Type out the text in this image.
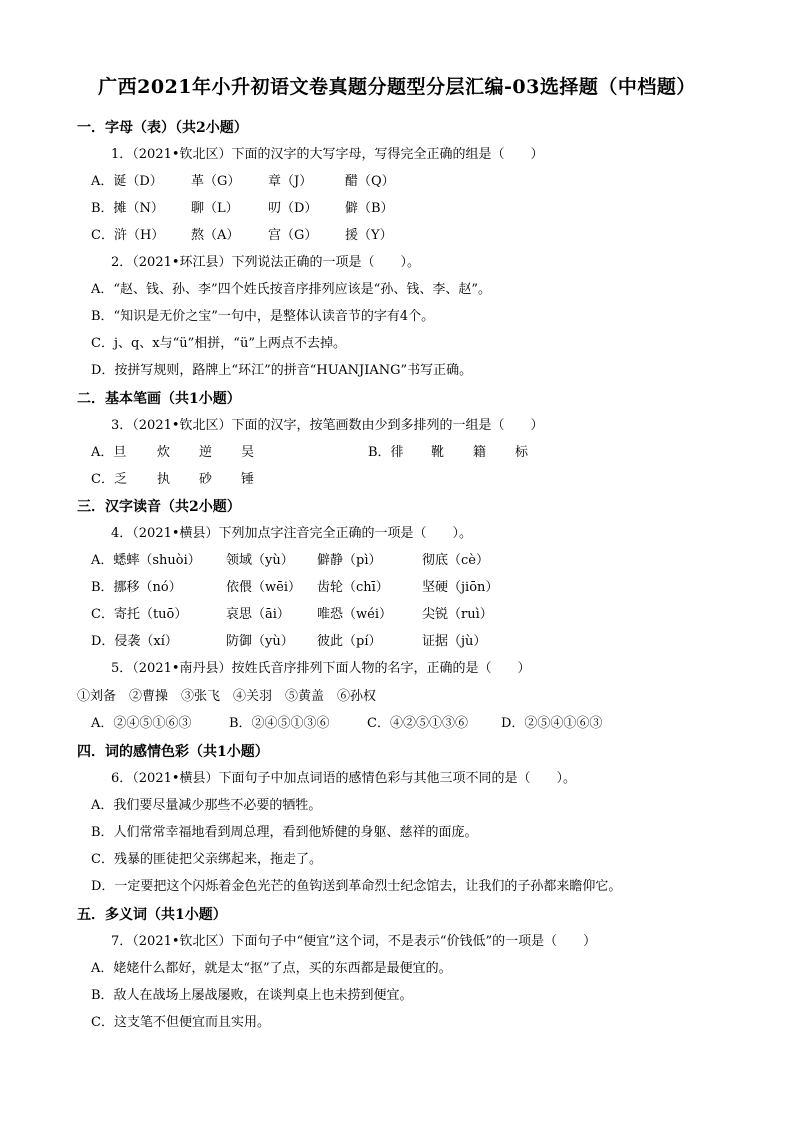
广西2021年小升初语文卷真题分题型分层汇编-03选择题（中档题）
一．字母（表）（共2小题）
1．（2021•钦北区）下面的汉字的大写字母，写得完全正确的组是（　　）
A．诞（D） 革（G） 章（J）	醋（Q）
B．摊（N） 聊（L） 叨（D） 僻（B）
C．浒（H） 熬（A） 宫（G） 援（Y）
2．（2021•环江县）下列说法正确的一项是（　　）。
A．“赵、钱、孙、李”四个姓氏按音序排列应该是“孙、钱、李、赵”。
B．“知识是无价之宝”一句中，是整体认读音节的字有4个。
C．j、q、x与“ü”相拼，“ü”上两点不去掉。
D．按拼写规则，路牌上“环江”的拼音“HUANJIANG”书写正确。
二．基本笔画（共1小题）
3．（2021•钦北区）下面的汉字，按笔画数由少到多排列的一组是（　　）
A．旦 炊 逆 吴	B．徘 靴 籍 标
C．乏 执 砂 锤
三．汉字读音（共2小题）
4．（2021•横县）下列加点字注音完全正确的一项是（　　）。
A．蟋蟀（shuòi） 领域（yù） 僻静（pì）	彻底（cè）
B．挪移（nó）	依偎（wēi） 齿轮（chī）	坚硬（jiōn）
C．寄托（tuō）	哀思（āi） 唯恐（wéi） 尖锐（ruì）
D．侵袭（xí）	防御（yù） 彼此（pí）	证据（jù）
5．（2021•南丹县）按姓氏音序排列下面人物的名字，正确的是（　　）
①刘备　②曹操　③张飞　④关羽　⑤黄盖　⑥孙权
A．②④⑤①⑥③	B．②④⑤①③⑥	C．④②⑤①③⑥	D．②⑤④①⑥③
四．词的感情色彩（共1小题）
6．（2021•横县）下面句子中加点词语的感情色彩与其他三项不同的是（　　）。
A．我们要尽量减少那些不必要的牺牲。
B．人们常常幸福地看到周总理，看到他矫健的身躯、慈祥的面庞。
C．残暴的匪徒把父亲绑起来，拖走了。
D．一定要把这个闪烁着金色光芒的鱼钩送到革命烈士纪念馆去，让我们的子孙都来瞻仰它。
五．多义词（共1小题）
7．（2021•钦北区）下面句子中“便宜”这个词，不是表示“价钱低”的一项是（　　）
A．姥姥什么都好，就是太“抠”了点，买的东西都是最便宜的。
B．敌人在战场上屡战屡败，在谈判桌上也未捞到便宜。
C．这支笔不但便宜而且实用。
